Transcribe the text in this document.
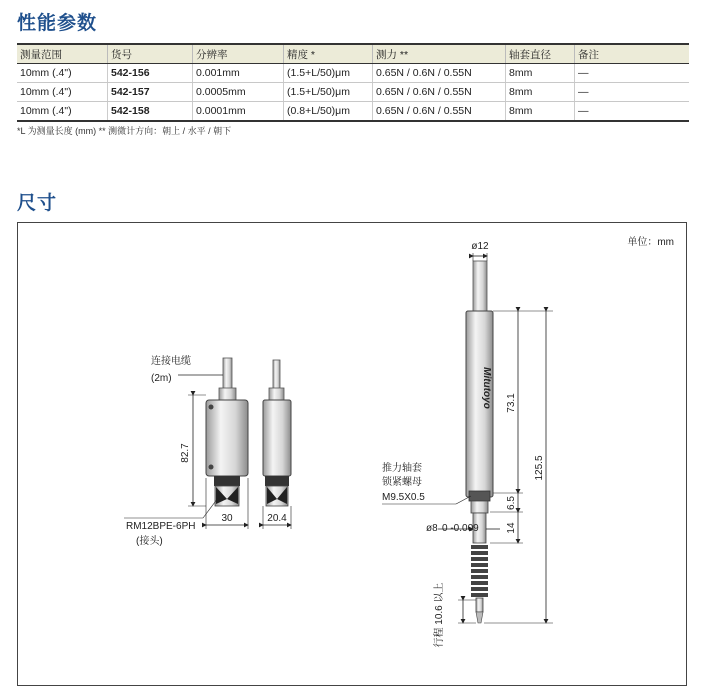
性能参数
测量范围	货号	分辨率	精度 *	测力 **	轴套直径	备注
10mm (.4")	542-156	0.001mm	(1.5+L/50)μm	0.65N / 0.6N / 0.55N	8mm	—
10mm (.4")	542-157	0.0005mm	(1.5+L/50)μm	0.65N / 0.6N / 0.55N	8mm	—
10mm (.4")	542-158	0.0001mm	(0.8+L/50)μm	0.65N / 0.6N / 0.55N	8mm	—
*L 为测量长度 (mm) ** 测微计方向：朝上 / 水平 / 朝下
尺寸
单位：mm
连接电缆
(2m)
82.7
30
RM12BPE-6PH
(接头)
20.4
Mitutoyo
ø12
73.1
6.5
14
125.5
推力轴套
锁紧螺母
M9.5X0.5
ø8 0 -0.009
行程 10.6 以上
